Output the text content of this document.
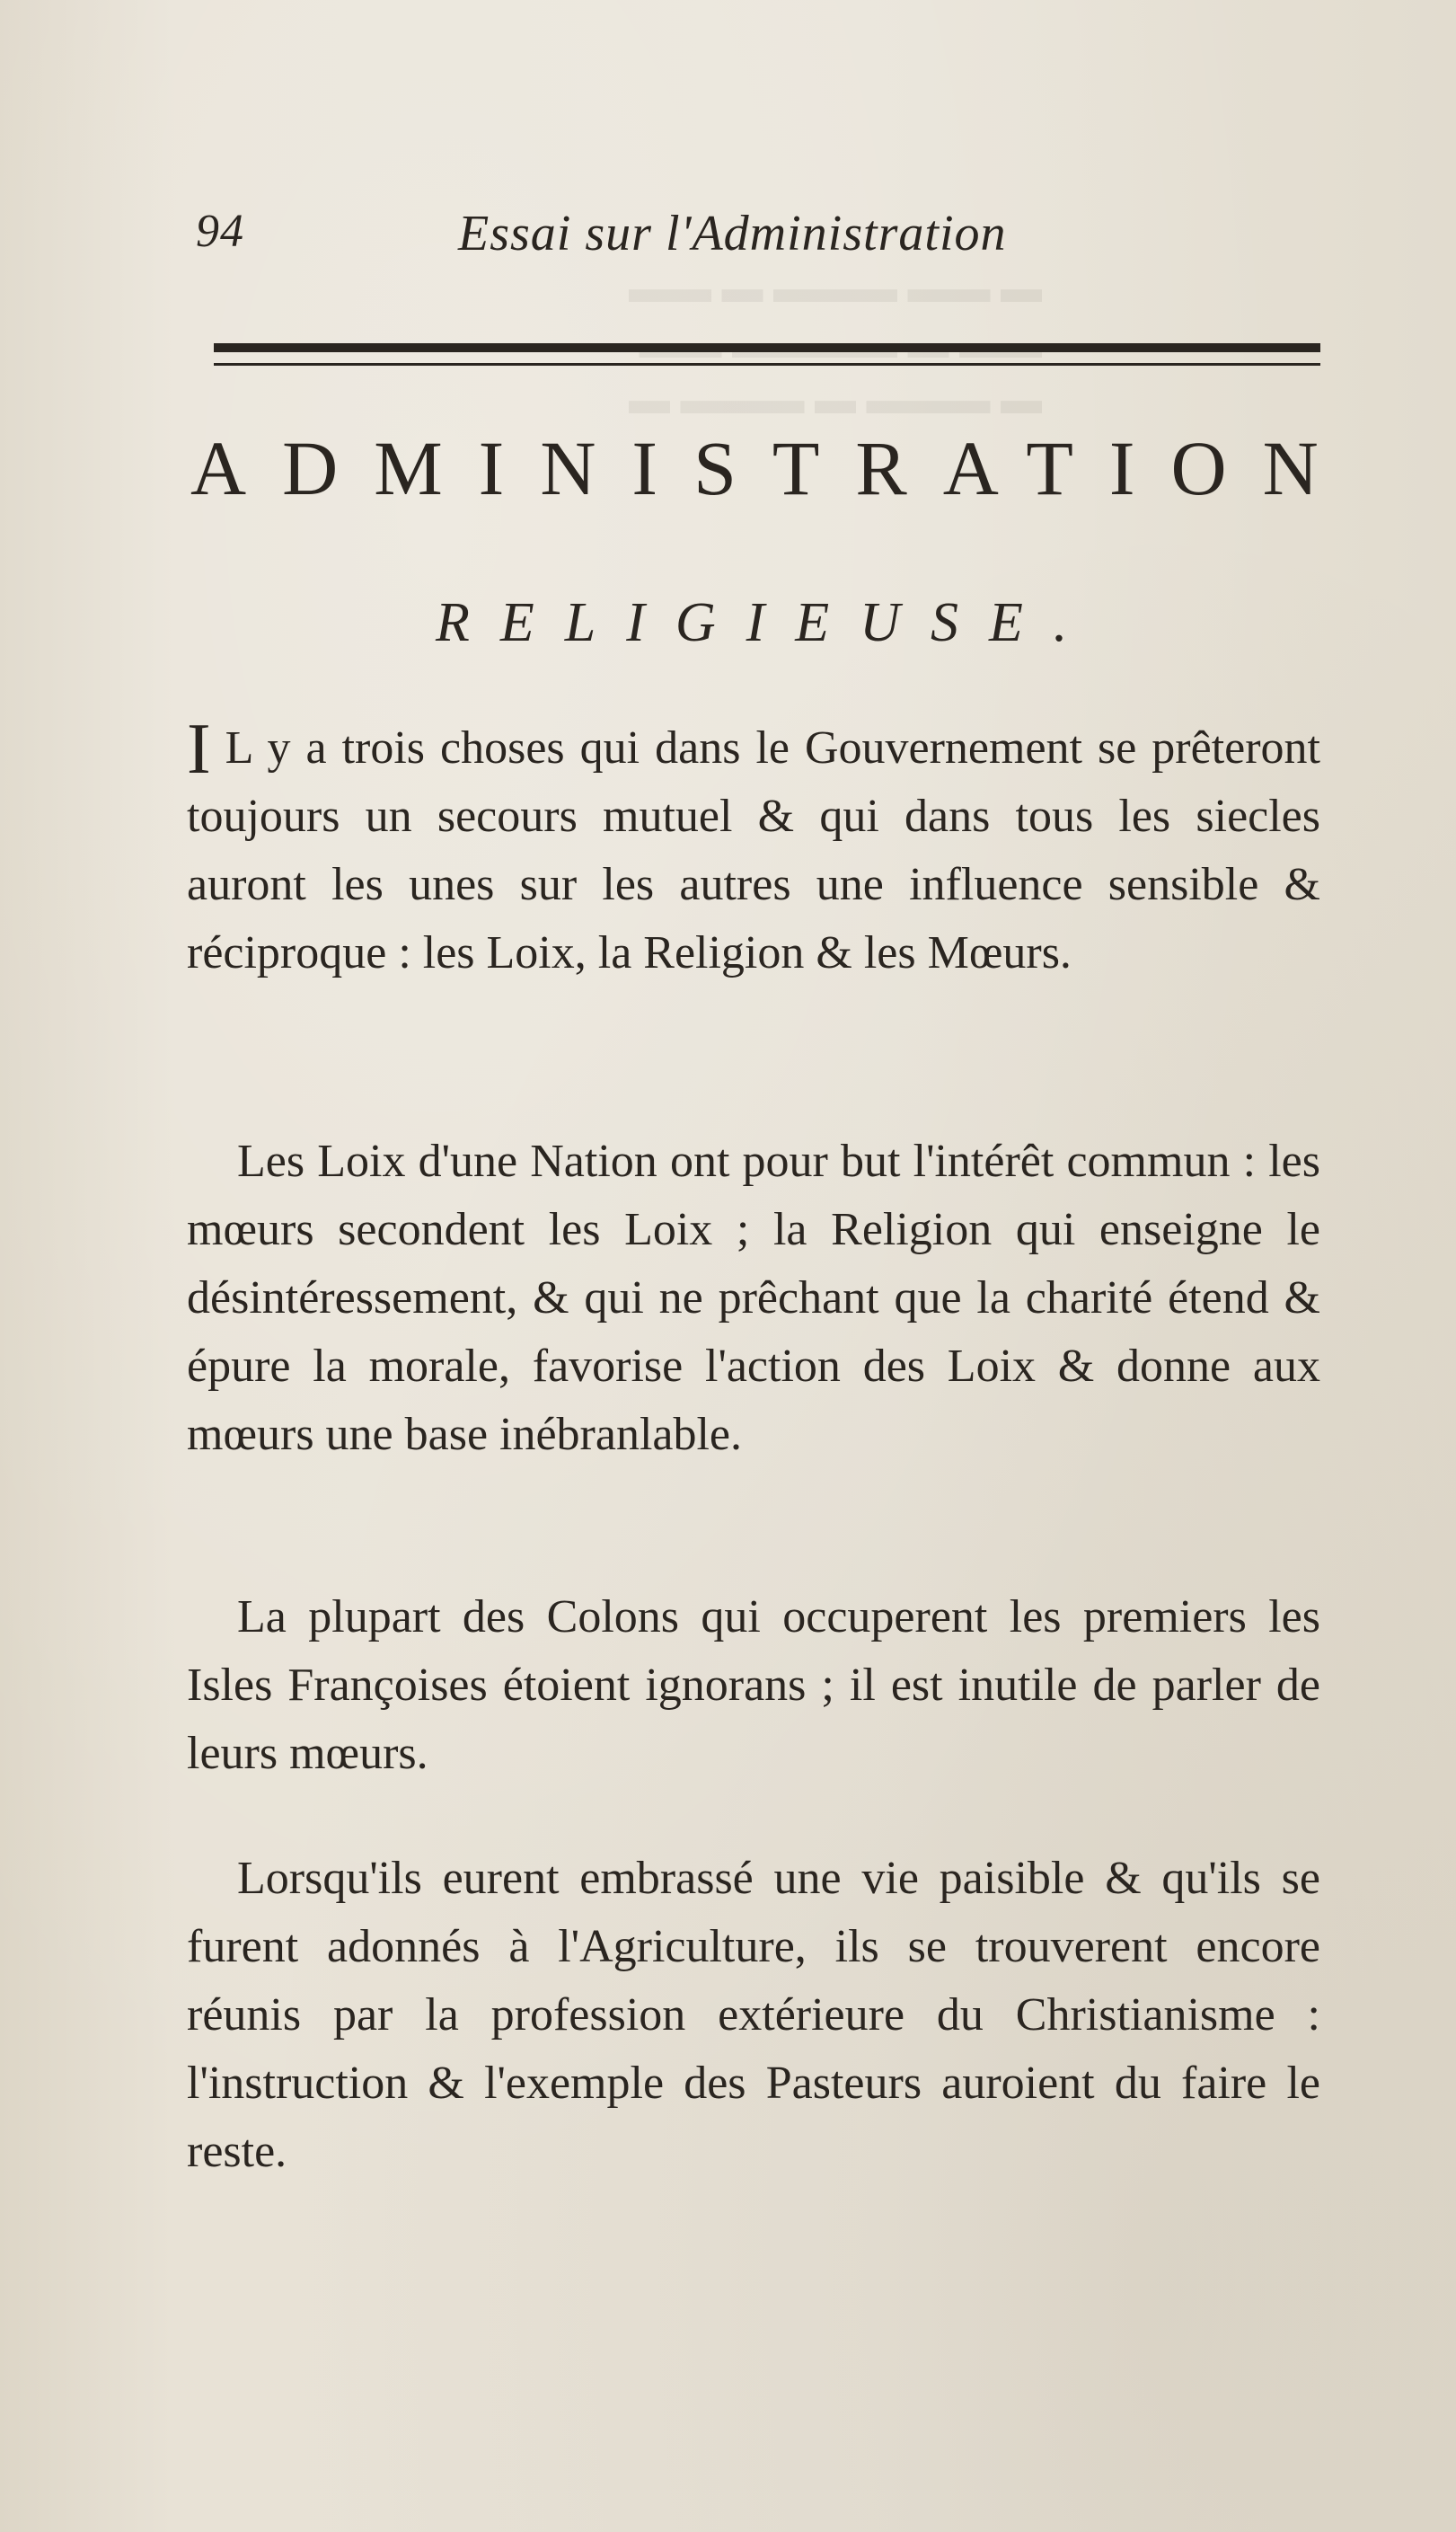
▬ ▬▬ ▬▬▬ ▬ ▬▬

▬ ▬▬▬ ▬ ▬▬▬ ▬
94	Essai sur l'Administration
ADMINISTRATION
RELIGIEUSE.
I L y a trois choses qui dans le Gouvernement se prêteront toujours un secours mutuel & qui dans tous les siecles auront les unes sur les autres une influence sensible & réciproque : les Loix, la Religion & les Mœurs.
Les Loix d'une Nation ont pour but l'intérêt commun : les mœurs secondent les Loix ; la Religion qui enseigne le désintéressement, & qui ne prêchant que la charité étend & épure la morale, favorise l'action des Loix & donne aux mœurs une base inébranlable.
La plupart des Colons qui occuperent les premiers les Isles Françoises étoient ignorans ; il est inutile de parler de leurs mœurs.
Lorsqu'ils eurent embrassé une vie paisible & qu'ils se furent adonnés à l'Agriculture, ils se trouverent encore réunis par la profession extérieure du Christianisme : l'instruction & l'exemple des Pasteurs auroient du faire le reste.
